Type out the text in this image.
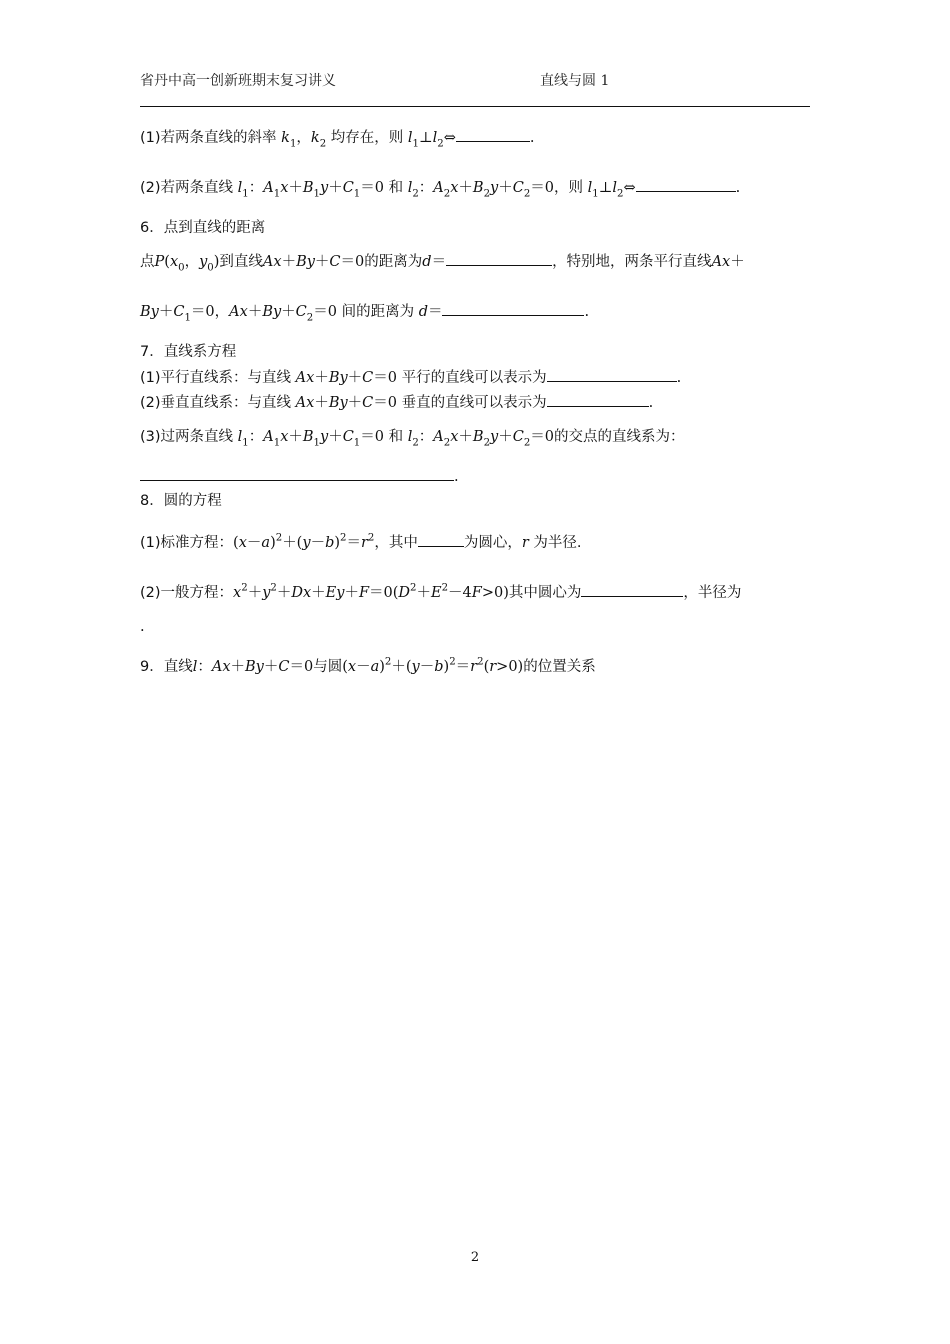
省丹中高一创新班期末复习讲义	直线与圆 1
(1)若两条直线的斜率 $k_1$，$k_2$ 均存在，则 $l_1\perp l_2\Leftrightarrow$	.
(2)若两条直线 $l_1$：$A_1x+B_1y+C_1=0$ 和 $l_2$：$A_2x+B_2y+C_2=0$，则 $l_1\perp l_2\Leftrightarrow$	.
6．点到直线的距离
点$P(x_0$，$y_0$)到直线Ax＋By＋C＝0的距离为d＝	，特别地，两条平行直线Ax＋
$By+C_1=0$，$Ax+By+C_2=0$ 间的距离为 d＝	.
7．直线系方程
(1)平行直线系：与直线 Ax＋By＋C＝0 平行的直线可以表示为	.
(2)垂直直线系：与直线 Ax＋By＋C＝0 垂直的直线可以表示为	.
(3)过两条直线 $l_1$：$A_1x+B_1y+C_1=0$ 和 $l_2$：$A_2x+B_2y+C_2=0$的交点的直线系为：
.
8．圆的方程
(1)标准方程：$(x-a)^2+(y-b)^2=r^2$，其中	为圆心，r 为半径.
(2)一般方程：$x^2+y^2+Dx+Ey+F=0(D^2+E^2-4F>0)$其中圆心为	，半径为
.
9．直线l：Ax＋By＋C＝0与圆$(x-a)^2+(y-b)^2=r^2(r>0)$的位置关系
2
